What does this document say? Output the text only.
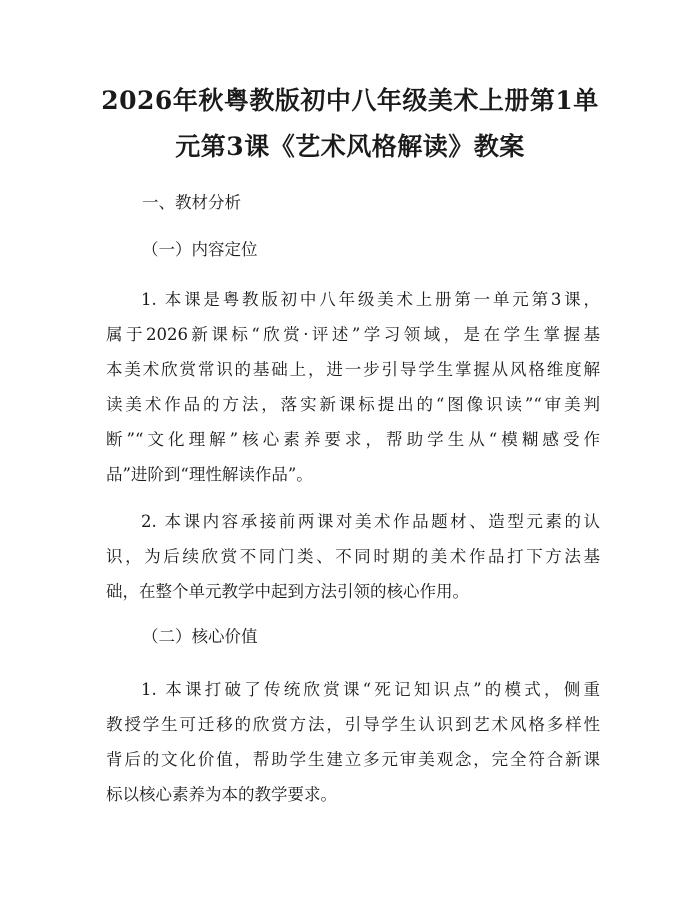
2026年秋粤教版初中八年级美术上册第1单
元第3课《艺术风格解读》教案
一、教材分析
（一）内容定位
1. 本课是粤教版初中八年级美术上册第一单元第3课，
属于2026新课标“欣赏·评述”学习领域，是在学生掌握基
本美术欣赏常识的基础上，进一步引导学生掌握从风格维度解
读美术作品的方法，落实新课标提出的“图像识读”“审美判
断”“文化理解”核心素养要求，帮助学生从“模糊感受作
品”进阶到“理性解读作品”。
2. 本课内容承接前两课对美术作品题材、造型元素的认
识，为后续欣赏不同门类、不同时期的美术作品打下方法基
础，在整个单元教学中起到方法引领的核心作用。
（二）核心价值
1. 本课打破了传统欣赏课“死记知识点”的模式，侧重
教授学生可迁移的欣赏方法，引导学生认识到艺术风格多样性
背后的文化价值，帮助学生建立多元审美观念，完全符合新课
标以核心素养为本的教学要求。
